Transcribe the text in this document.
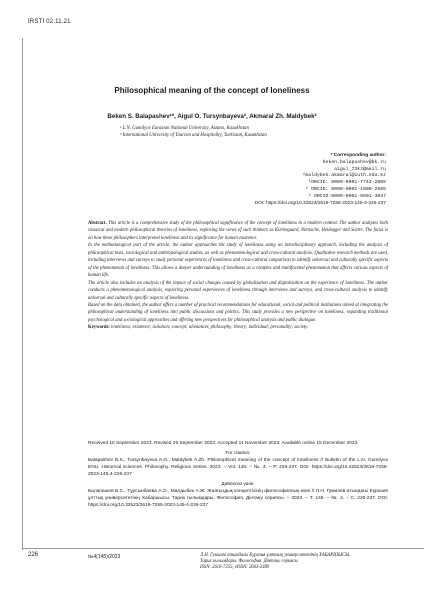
IRSTI 02.11.21
Philosophical meaning of the concept of loneliness
Beken S. Balapashev¹*, Aigul O. Tursynbayeva², Akmaral Zh. Maldybek²
¹ L.N. Gumilyov Eurasian National University, Astana, Kazakhstan
² International University of Tourism and Hospitality, Turkistan, Kazakhstan
* Corresponding author:
beken.balapashev@bk.ru
aigul_73kz@mail.ru
²maldybek.akmaral@iuth.edu.kz
¹ORCID: 0000-0001-7744-2008
² ORCID: 0000-0002-1900-2685
² ORCID:0000-0001-5601-3037
DOI: https://doi.org/10.32523/2616-7255-2023-145-4-226-237

Abstract. This article is a comprehensive study of the philosophical significance of the concept of loneliness in a modern context. The author analyzes both classical and modern philosophical theories of loneliness, exploring the views of such thinkers as Kierkegaard, Nietzsche, Heidegger and Sartre. The focus is on how these philosophers interpreted loneliness and its significance for human existence.

In the methodological part of the article, the author approaches the study of loneliness using an interdisciplinary approach, including the analysis of philosophical texts, sociological and anthropological studies, as well as phenomenological and cross-cultural analysis. Qualitative research methods are used, including interviews and surveys to study personal experiences of loneliness and cross-cultural comparison to identify universal and culturally specific aspects of the phenomenon of loneliness. This allows a deeper understanding of loneliness as a complex and multifaceted phenomenon that affects various aspects of human life.

The article also includes an analysis of the impact of social changes caused by globalization and digitalization on the experience of loneliness. The author conducts a phenomenological analysis, exploring personal experiences of loneliness through interviews and surveys, and cross-cultural analysis to identify universal and culturally specific aspects of loneliness.

Based on the data obtained, the author offers a number of practical recommendations for educational, social and political institutions aimed at integrating the philosophical understanding of loneliness into public discussions and politics. This study provides a new perspective on loneliness, expanding traditional psychological and sociological approaches and offering new perspectives for philosophical analysis and public dialogue.

Keywords: loneliness; existence; isolation; concept; alienation; philosophy; theory; individual; personality; society.

Received 10 September 2023. Revised 25 September 2023. Accepted 11 November 2023. Available online 15 December 2023.
For citation:
Balapashev B.S., Tursynbayeva A.O., Maldybek A.Zh. Philosophical meaning of the concept of loneliness // Bulletin of the L.N. Gumilyov ENU. Historical sciences. Philosophy. Religious Series. 2023. – Vol. 145. – №. 4. – P. 226-237. DOI: https://doi.org/10.32523/2616-7255-2023-145-4-226-237
Дәйексөз үшін:
Балапашев Б.С., Тұрсынбаева А.О., Малдыбек А.Ж. Жалғыздық концептісінің философиялық мәні // Л.Н. Гумилев атындағы Еуразия ұлттық университетінің Хабаршысы. Тарих ғылымдары. Философия. Дінтану сериясы. – 2023. – Т. 145. – №. 4. – С. 226-237. DOI: https://doi.org/10.32523/2616-7255-2023-145-4-226-237
226	№4(145)/2023	Л.Н. Гумилев атындағы Еуразия ұлттық университетінің ХАБАРШЫСЫ.
Тарих ғылымдары. Философия. Дінтану сериясы
ISSN: 2616-7255, eISSN: 2663-2489
